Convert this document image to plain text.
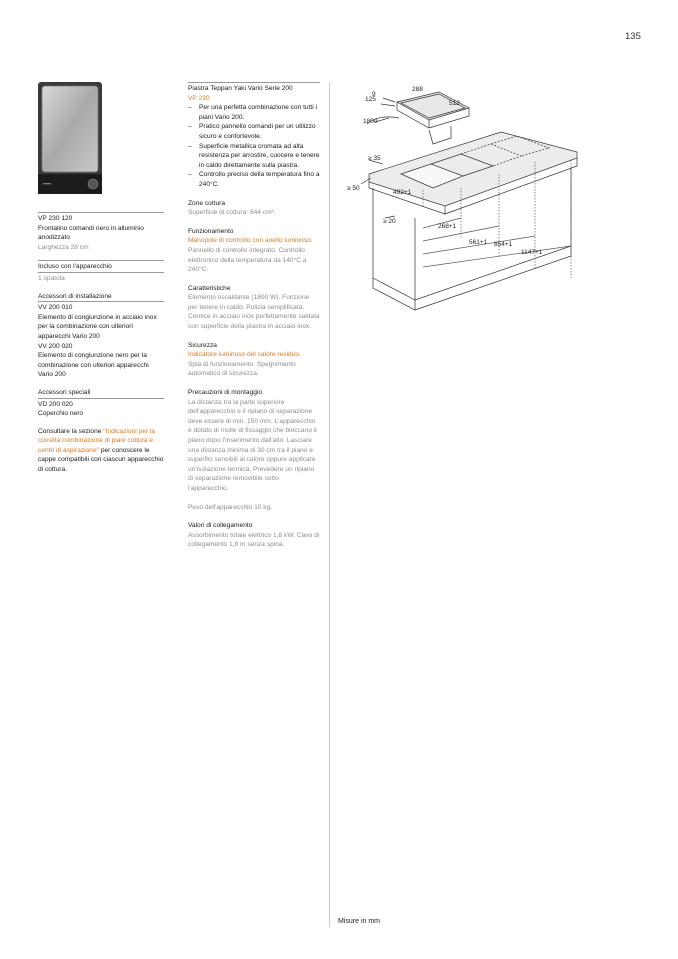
135

VP 230 120

Frontalino comandi nero in alluminio anodizzato

Larghezza 28 cm

Incluso con l'apparecchio

1 spatola

Accessori di installazione

VV 200 010

Elemento di congiunzione in acciaio inox per la combinazione con ulteriori apparecchi Vario 200

VV 200 020

Elemento di congiunzione nero per la combinazione con ulteriori apparecchi Vario 200

Accessori speciali

VD 200 020

Coperchio nero

Consultare la sezione "Indicazioni per la corretta combinazione di piani cottura e centri di aspirazione" per conoscere le cappe compatibili con ciascun apparecchio di cottura.

Piastra Teppan Yaki Vario Serie 200

VP 230

– Per una perfetta combinazione con tutti i piani Vario 200.
– Pratico pannello comandi per un utilizzo sicuro e confortevole.
– Superficie metallica cromata ad alta resistenza per arrostire, cuocere e tenere in caldo direttamente sulla piastra.
– Controllo preciso della temperatura fino a 240°C.

Zone cottura

Superficie di cottura: 844 cm².

Funzionamento

Manopole di controllo con anello luminoso.

Pannello di controllo integrato. Controllo elettronico della temperatura da 140°C a 240°C.

Caratteristiche

Elemento riscaldante (1800 W). Funzione per tenere in caldo. Pulizia semplificata. Cornice in acciaio inox perfettamente saldata con superficie della piastra in acciaio inox.

Sicurezza

Indicatore luminoso del calore residuo.

Spia di funzionamento. Spegnimento automatico di sicurezza.

Precauzioni di montaggio

La distanza tra la parte superiore dell'apparecchio e il ripiano di separazione deve essere di min. 150 mm. L'apparecchio è dotato di molle di fissaggio che bloccano il piano dopo l'inserimento dall'alto. Lasciare una distanza minima di 30 cm tra il piano e superfici sensibili al calore oppure applicare un'isolazione termica. Prevedere un ripiano di separazione removibile sotto l'apparecchio.

Peso dell'apparecchio 10 kg.

Valori di collegamento

Assorbimento totale elettrico 1,8 kW. Cavo di collegamento 1,8 m senza spina.

9
288
125
512
1800
≥ 35
≥ 50
492+1
≥ 20
268+1
561+1 854+1
1147+1
Misure in mm
